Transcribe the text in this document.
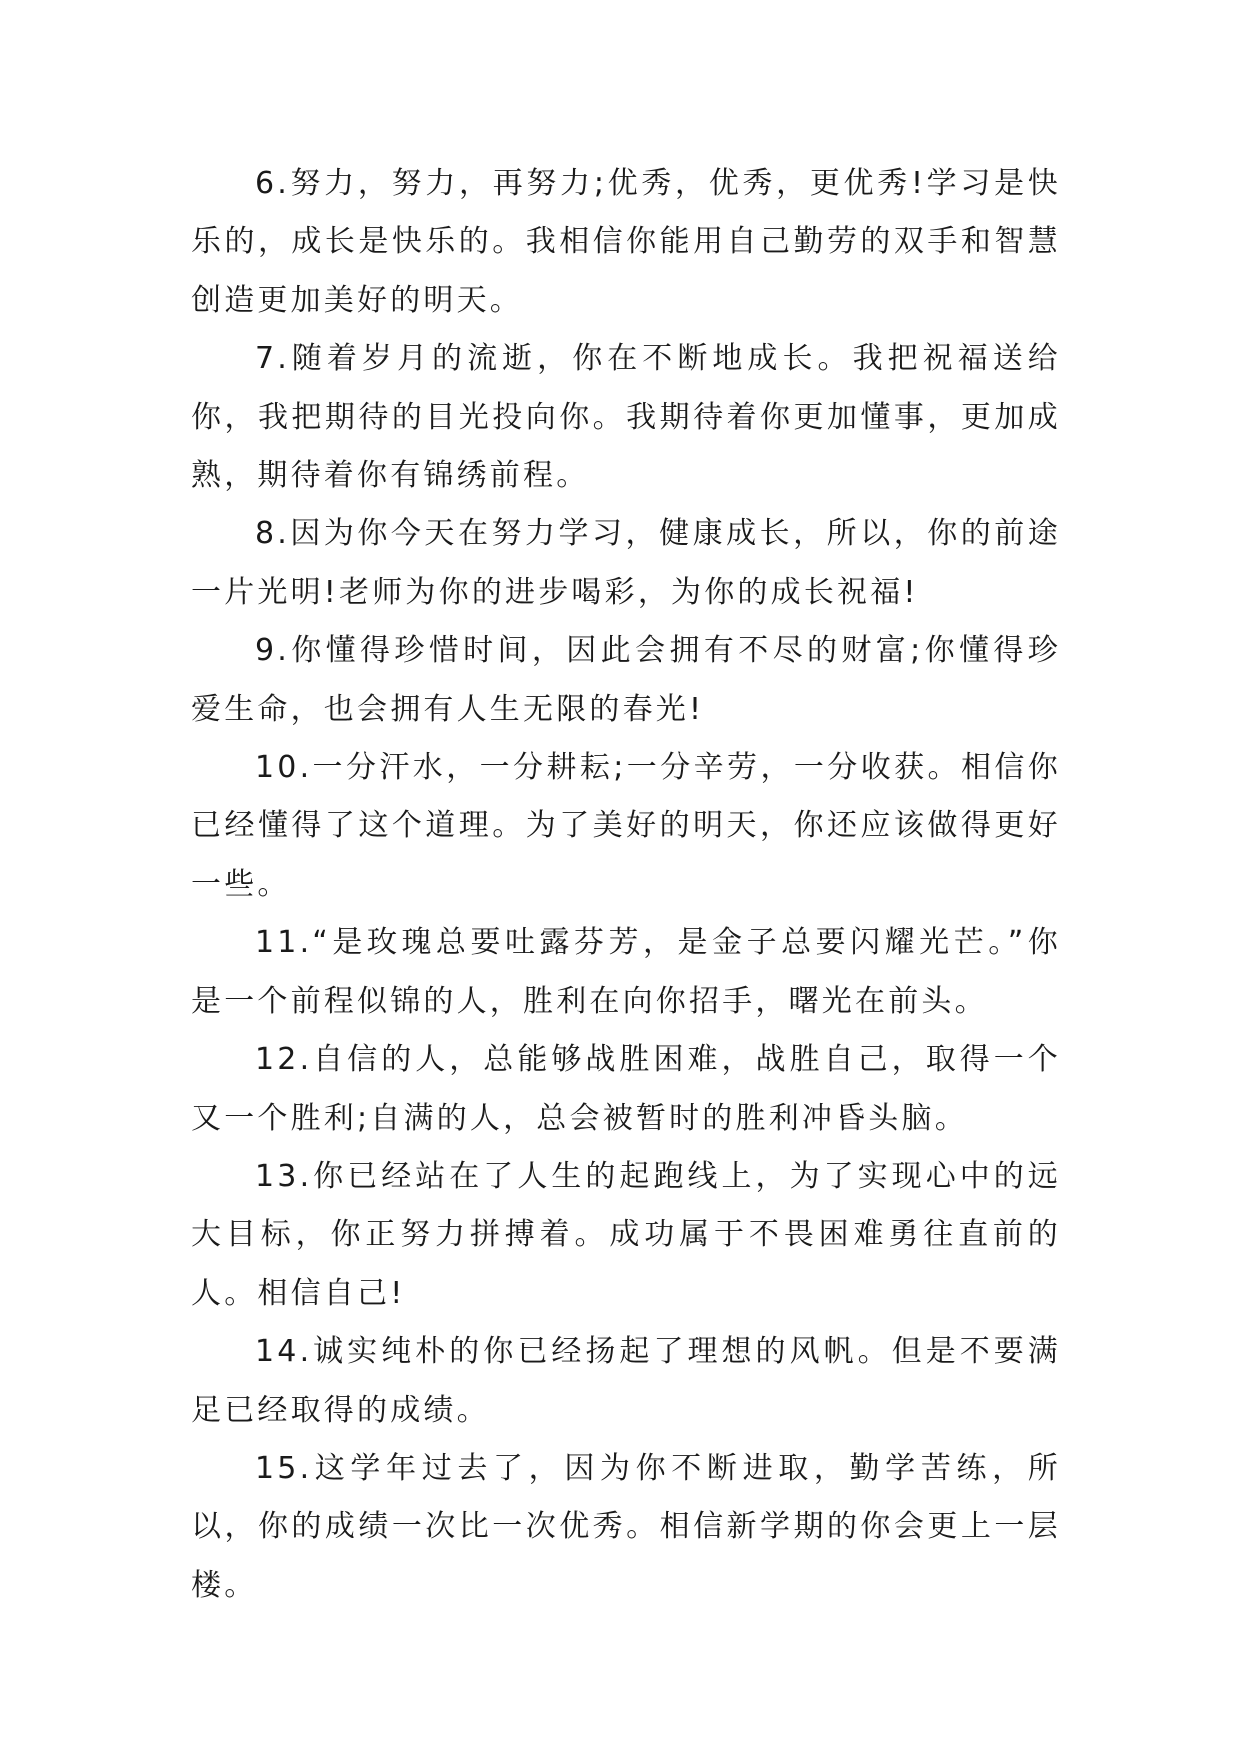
6.努力，努力，再努力;优秀，优秀，更优秀!学习是快乐的，成长是快乐的。我相信你能用自己勤劳的双手和智慧创造更加美好的明天。

7.随着岁月的流逝，你在不断地成长。我把祝福送给你，我把期待的目光投向你。我期待着你更加懂事，更加成熟，期待着你有锦绣前程。

8.因为你今天在努力学习，健康成长，所以，你的前途一片光明!老师为你的进步喝彩，为你的成长祝福!

9.你懂得珍惜时间，因此会拥有不尽的财富;你懂得珍爱生命，也会拥有人生无限的春光!

10.一分汗水，一分耕耘;一分辛劳，一分收获。相信你已经懂得了这个道理。为了美好的明天，你还应该做得更好一些。

11.“是玫瑰总要吐露芬芳，是金子总要闪耀光芒。”你是一个前程似锦的人，胜利在向你招手，曙光在前头。

12.自信的人，总能够战胜困难，战胜自己，取得一个又一个胜利;自满的人，总会被暂时的胜利冲昏头脑。

13.你已经站在了人生的起跑线上，为了实现心中的远大目标，你正努力拼搏着。成功属于不畏困难勇往直前的人。相信自己!

14.诚实纯朴的你已经扬起了理想的风帆。但是不要满足已经取得的成绩。

15.这学年过去了，因为你不断进取，勤学苦练，所以，你的成绩一次比一次优秀。相信新学期的你会更上一层楼。
